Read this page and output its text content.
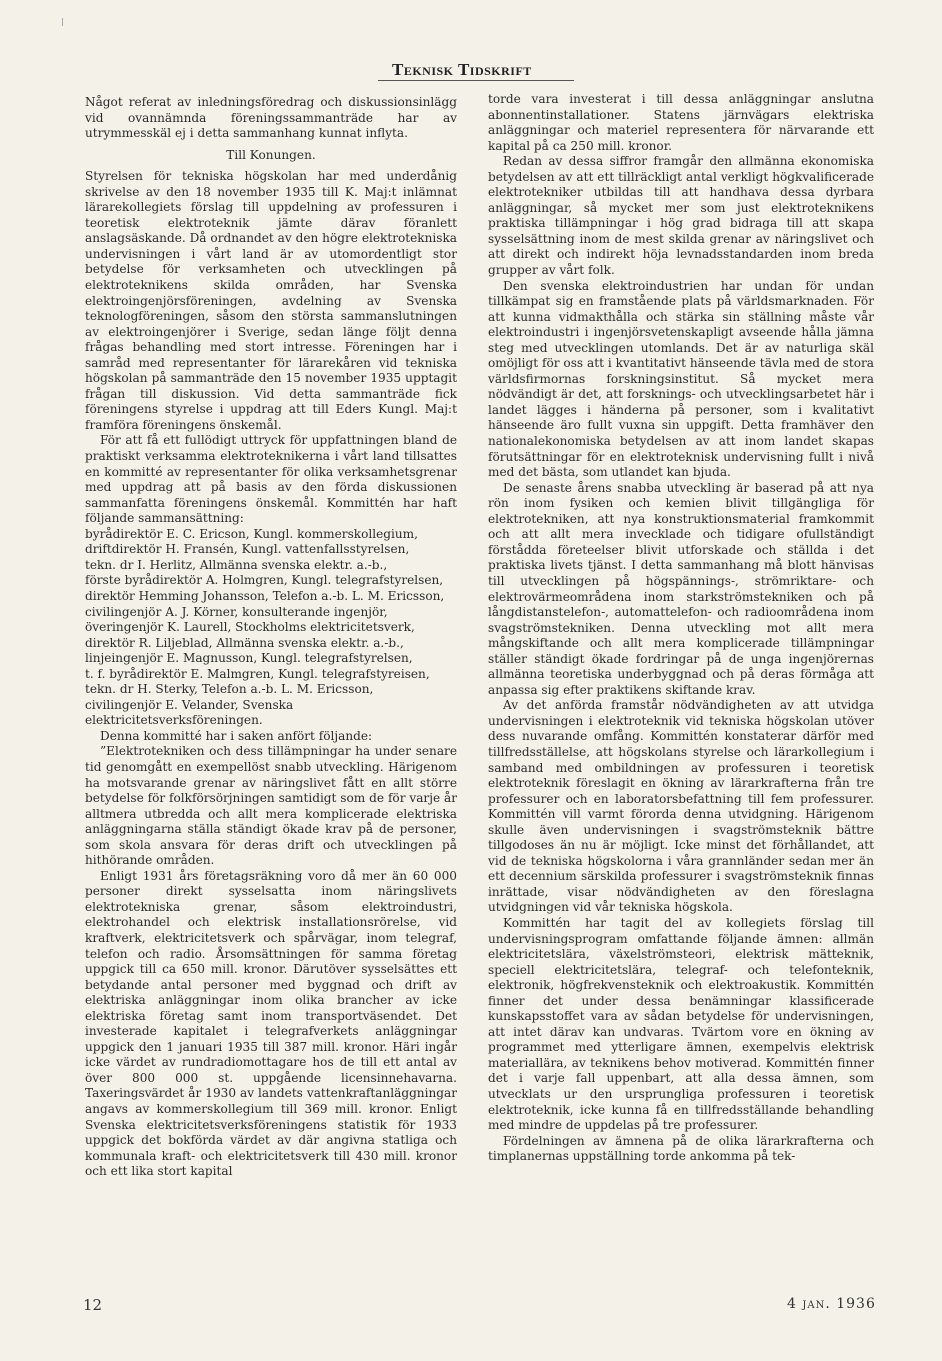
Teknisk Tidskrift

Något referat av inledningsföredrag och diskussionsinlägg vid ovannämnda föreningssammanträde har av utrymmesskäl ej i detta sammanhang kunnat inflyta.

Till Konungen.

Styrelsen för tekniska högskolan har med underdånig skrivelse av den 18 november 1935 till K. Maj:t inlämnat lärarekollegiets förslag till uppdelning av professuren i teoretisk elektroteknik jämte därav föranlett anslagsäskande. Då ordnandet av den högre elektrotekniska undervisningen i vårt land är av utomordentligt stor betydelse för verksamheten och utvecklingen på elektroteknikens skilda områden, har Svenska elektroingenjörsföreningen, avdelning av Svenska teknologföreningen, såsom den största sammanslutningen av elektroingenjörer i Sverige, sedan länge följt denna frågas behandling med stort intresse. Föreningen har i samråd med representanter för lärarekåren vid tekniska högskolan på sammanträde den 15 november 1935 upptagit frågan till diskussion. Vid detta sammanträde fick föreningens styrelse i uppdrag att till Eders Kungl. Maj:t framföra föreningens önskemål.

För att få ett fullödigt uttryck för uppfattningen bland de praktiskt verksamma elektroteknikerna i vårt land tillsattes en kommitté av representanter för olika verksamhetsgrenar med uppdrag att på basis av den förda diskussionen sammanfatta föreningens önskemål. Kommittén har haft följande sammansättning:

byrådirektör E. C. Ericson, Kungl. kommerskollegium,

driftdirektör H. Fransén, Kungl. vattenfallsstyrelsen,

tekn. dr I. Herlitz, Allmänna svenska elektr. a.-b.,

förste byrådirektör A. Holmgren, Kungl. telegrafstyrelsen,

direktör Hemming Johansson, Telefon a.-b. L. M. Ericsson,

civilingenjör A. J. Körner, konsulterande ingenjör,

överingenjör K. Laurell, Stockholms elektricitetsverk,

direktör R. Liljeblad, Allmänna svenska elektr. a.-b.,

linjeingenjör E. Magnusson, Kungl. telegrafstyrelsen,

t. f. byrådirektör E. Malmgren, Kungl. telegrafstyreisen,

tekn. dr H. Sterky, Telefon a.-b. L. M. Ericsson,

civilingenjör E. Velander, Svenska elektricitetsverksföreningen.

Denna kommitté har i saken anfört följande:

”Elektrotekniken och dess tillämpningar ha under senare tid genomgått en exempellöst snabb utveckling. Härigenom ha motsvarande grenar av näringslivet fått en allt större betydelse för folkförsörjningen samtidigt som de för varje år alltmera utbredda och allt mera komplicerade elektriska anläggningarna ställa ständigt ökade krav på de personer, som skola ansvara för deras drift och utvecklingen på hithörande områden.

Enligt 1931 års företagsräkning voro då mer än 60 000 personer direkt sysselsatta inom näringslivets elektrotekniska grenar, såsom elektroindustri, elektrohandel och elektrisk installationsrörelse, vid kraftverk, elektricitetsverk och spårvägar, inom telegraf, telefon och radio. Årsomsättningen för samma företag uppgick till ca 650 mill. kronor. Därutöver sysselsättes ett betydande antal personer med byggnad och drift av elektriska anläggningar inom olika brancher av icke elektriska företag samt inom transportväsendet. Det investerade kapitalet i telegrafverkets anläggningar uppgick den 1 januari 1935 till 387 mill. kronor. Häri ingår icke värdet av rundradiomottagare hos de till ett antal av över 800 000 st. uppgående licensinnehavarna. Taxeringsvärdet år 1930 av landets vattenkraftanläggningar angavs av kommerskollegium till 369 mill. kronor. Enligt Svenska elektricitetsverksföreningens statistik för 1933 uppgick det bokförda värdet av där angivna statliga och kommunala kraft- och elektricitetsverk till 430 mill. kronor och ett lika stort kapital

torde vara investerat i till dessa anläggningar anslutna abonnentinstallationer. Statens järnvägars elektriska anläggningar och materiel representera för närvarande ett kapital på ca 250 mill. kronor.

Redan av dessa siffror framgår den allmänna ekonomiska betydelsen av att ett tillräckligt antal verkligt högkvalificerade elektrotekniker utbildas till att handhava dessa dyrbara anläggningar, så mycket mer som just elektroteknikens praktiska tillämpningar i hög grad bidraga till att skapa sysselsättning inom de mest skilda grenar av näringslivet och att direkt och indirekt höja levnadsstandarden inom breda grupper av vårt folk.

Den svenska elektroindustrien har undan för undan tillkämpat sig en framstående plats på världsmarknaden. För att kunna vidmakthålla och stärka sin ställning måste vår elektroindustri i ingenjörsvetenskapligt avseende hålla jämna steg med utvecklingen utomlands. Det är av naturliga skäl omöjligt för oss att i kvantitativt hänseende tävla med de stora världsfirmornas forskningsinstitut. Så mycket mera nödvändigt är det, att forsknings- och utvecklingsarbetet här i landet lägges i händerna på personer, som i kvalitativt hänseende äro fullt vuxna sin uppgift. Detta framhäver den nationalekonomiska betydelsen av att inom landet skapas förutsättningar för en elektroteknisk undervisning fullt i nivå med det bästa, som utlandet kan bjuda.

De senaste årens snabba utveckling är baserad på att nya rön inom fysiken och kemien blivit tillgängliga för elektrotekniken, att nya konstruktionsmaterial framkommit och att allt mera invecklade och tidigare ofullständigt förstådda företeelser blivit utforskade och ställda i det praktiska livets tjänst. I detta sammanhang må blott hänvisas till utvecklingen på högspännings-, strömriktare- och elektrovärmeområdena inom starkströmstekniken och på långdistanstelefon-, automattelefon- och radioområdena inom svagströmstekniken. Denna utveckling mot allt mera mångskiftande och allt mera komplicerade tillämpningar ställer ständigt ökade fordringar på de unga ingenjörernas allmänna teoretiska underbyggnad och på deras förmåga att anpassa sig efter praktikens skiftande krav.

Av det anförda framstår nödvändigheten av att utvidga undervisningen i elektroteknik vid tekniska högskolan utöver dess nuvarande omfång. Kommittén konstaterar därför med tillfredsställelse, att högskolans styrelse och lärarkollegium i samband med ombildningen av professuren i teoretisk elektroteknik föreslagit en ökning av lärarkrafterna från tre professurer och en laboratorsbefattning till fem professurer. Kommittén vill varmt förorda denna utvidgning. Härigenom skulle även undervisningen i svagströmsteknik bättre tillgodoses än nu är möjligt. Icke minst det förhållandet, att vid de tekniska högskolorna i våra grannländer sedan mer än ett decennium särskilda professurer i svagströmsteknik finnas inrättade, visar nödvändigheten av den föreslagna utvidgningen vid vår tekniska högskola.

Kommittén har tagit del av kollegiets förslag till undervisningsprogram omfattande följande ämnen: allmän elektricitetslära, växelströmsteori, elektrisk mätteknik, speciell elektricitetslära, telegraf- och telefonteknik, elektronik, högfrekvensteknik och elektroakustik. Kommittén finner det under dessa benämningar klassificerade kunskapsstoffet vara av sådan betydelse för undervisningen, att intet därav kan undvaras. Tvärtom vore en ökning av programmet med ytterligare ämnen, exempelvis elektrisk materiallära, av teknikens behov motiverad. Kommittén finner det i varje fall uppenbart, att alla dessa ämnen, som utvecklats ur den ursprungliga professuren i teoretisk elektroteknik, icke kunna få en tillfredsställande behandling med mindre de uppdelas på tre professurer.

Fördelningen av ämnena på de olika lärarkrafterna och timplanernas uppställning torde ankomma på tek-

12	4 jan. 1936
